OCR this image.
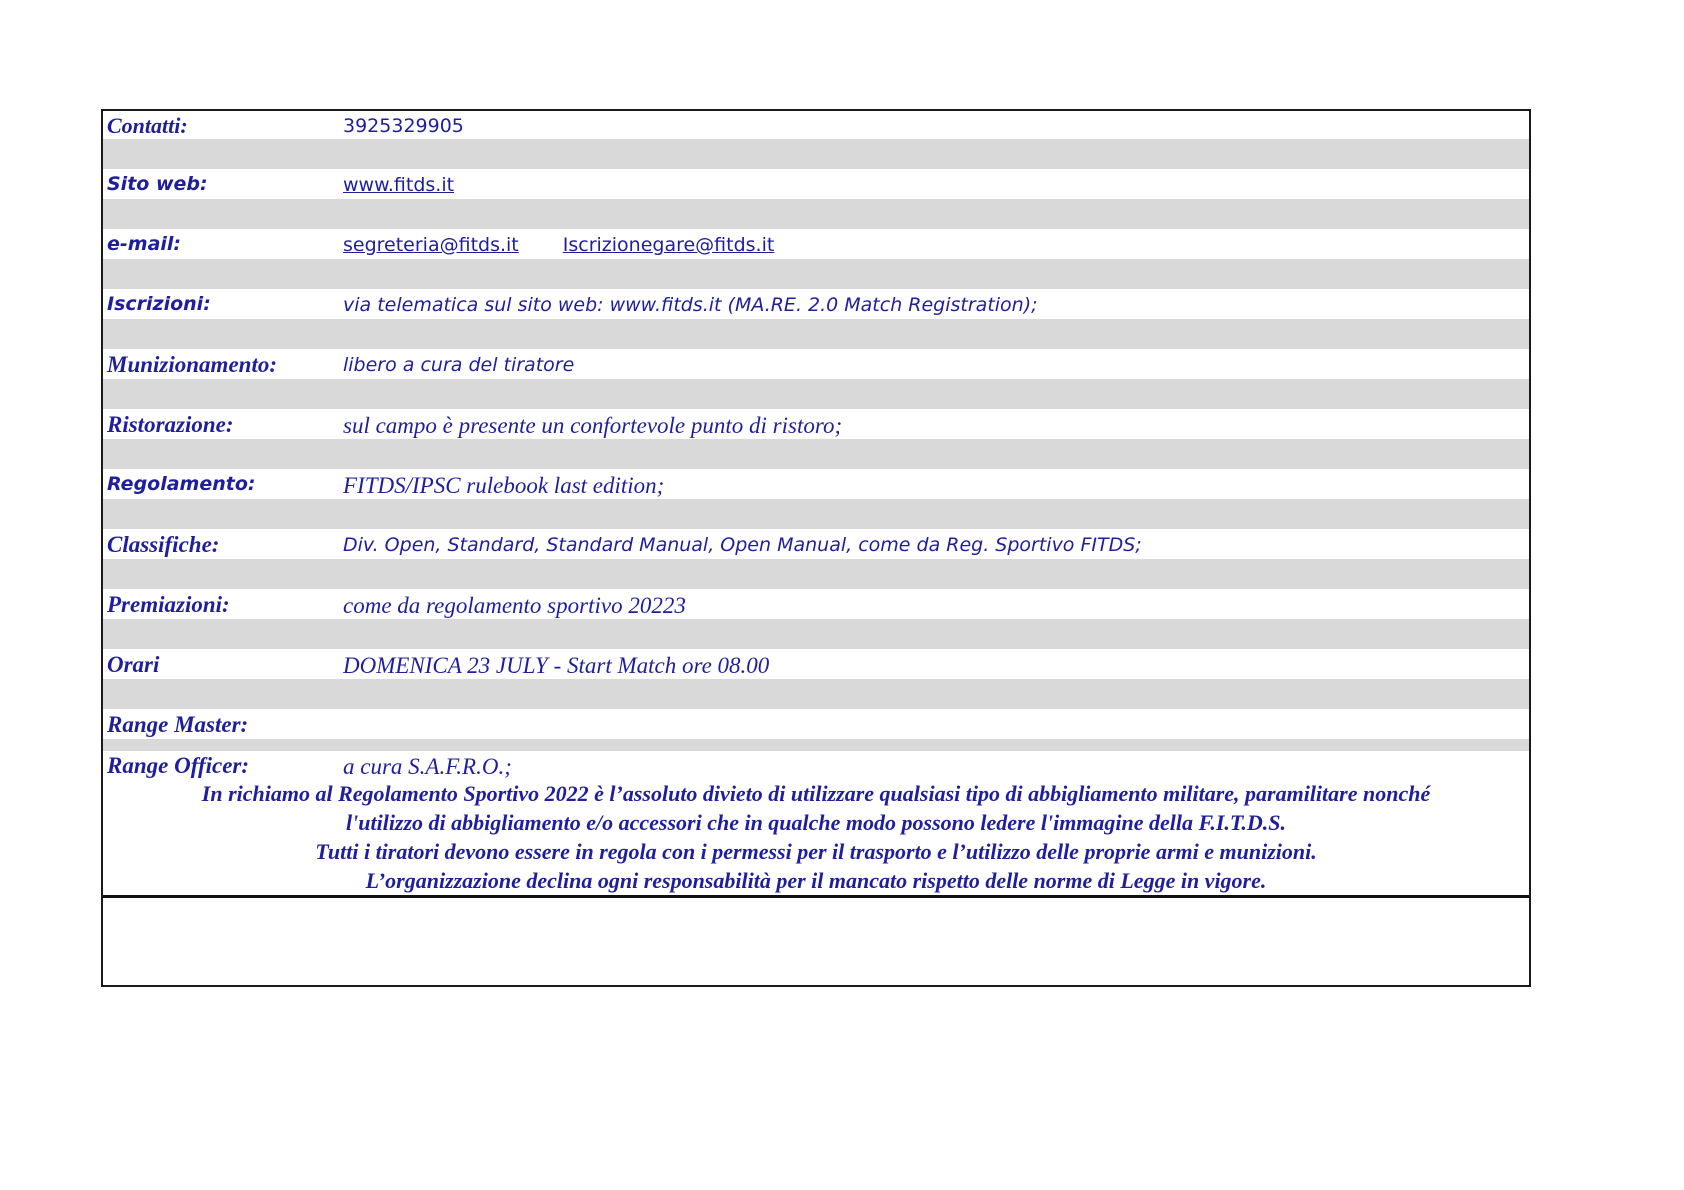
Contatti:	3925329905
Sito web:	www.fitds.it
e-mail:	segreteria@fitds.it Iscrizionegare@fitds.it
Iscrizioni:	via telematica sul sito web: www.fitds.it (MA.RE. 2.0 Match Registration);
Munizionamento:	libero a cura del tiratore
Ristorazione:	sul campo è presente un confortevole punto di ristoro;
Regolamento:	FITDS/IPSC rulebook last edition;
Classifiche:	Div. Open, Standard, Standard Manual, Open Manual, come da Reg. Sportivo FITDS;
Premiazioni:	come da regolamento sportivo 20223
Orari	DOMENICA 23 JULY - Start Match ore 08.00
Range Master:
Range Officer:	a cura S.A.F.R.O.;
In richiamo al Regolamento Sportivo 2022 è l’assoluto divieto di utilizzare qualsiasi tipo di abbigliamento militare, paramilitare nonché
l'utilizzo di abbigliamento e/o accessori che in qualche modo possono ledere l'immagine della F.I.T.D.S.
Tutti i tiratori devono essere in regola con i permessi per il trasporto e l’utilizzo delle proprie armi e munizioni.
L’organizzazione declina ogni responsabilità per il mancato rispetto delle norme di Legge in vigore.
